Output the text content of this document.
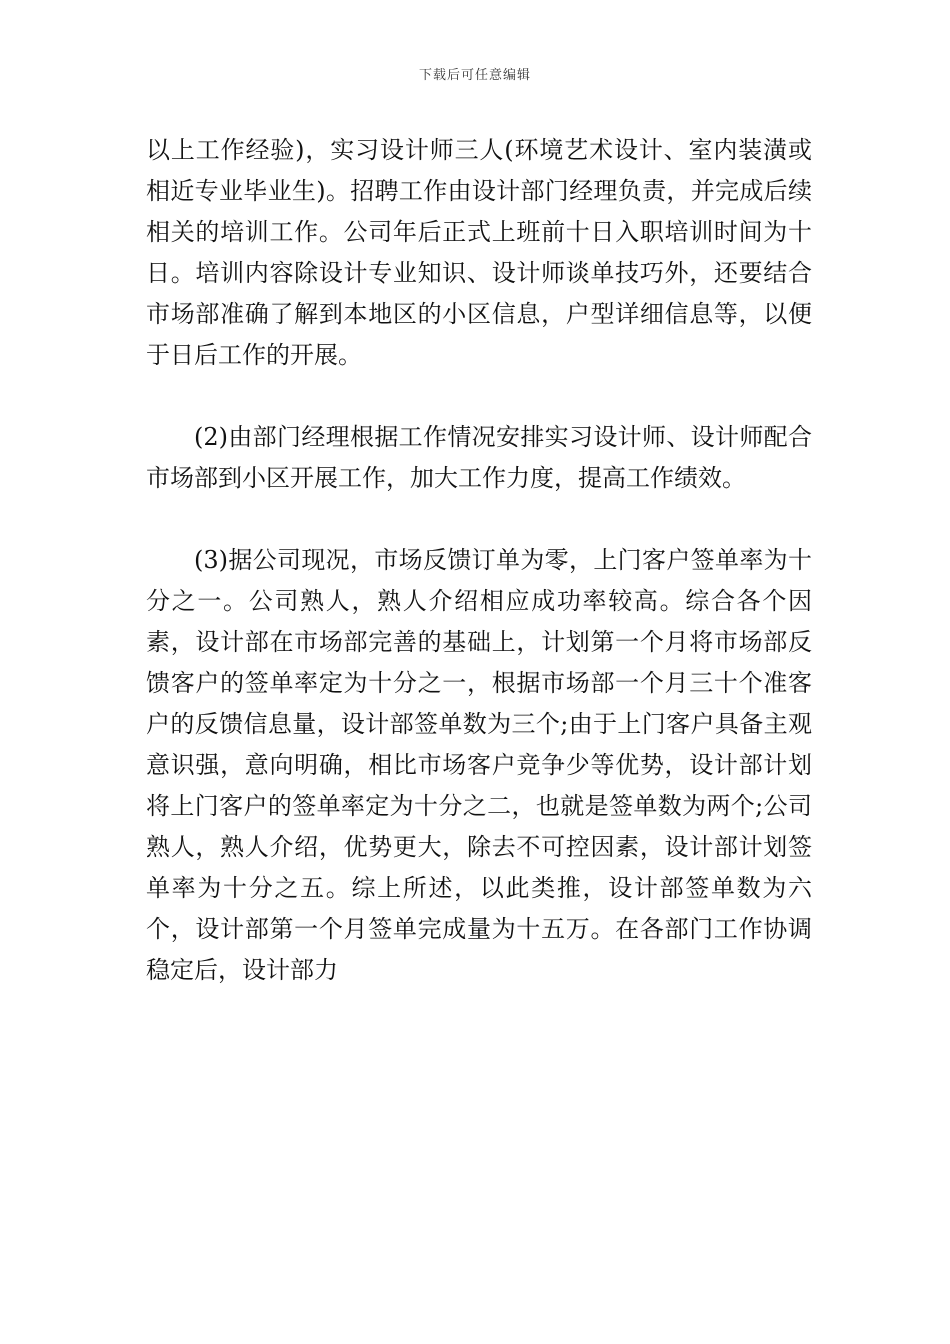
下载后可任意编辑

以上工作经验)，实习设计师三人(环境艺术设计、室内装潢或相近专业毕业生)。招聘工作由设计部门经理负责，并完成后续相关的培训工作。公司年后正式上班前十日入职培训时间为十日。培训内容除设计专业知识、设计师谈单技巧外，还要结合市场部准确了解到本地区的小区信息，户型详细信息等，以便于日后工作的开展。

(2)由部门经理根据工作情况安排实习设计师、设计师配合市场部到小区开展工作，加大工作力度，提高工作绩效。

(3)据公司现况，市场反馈订单为零，上门客户签单率为十分之一。公司熟人，熟人介绍相应成功率较高。综合各个因素，设计部在市场部完善的基础上，计划第一个月将市场部反馈客户的签单率定为十分之一，根据市场部一个月三十个准客户的反馈信息量，设计部签单数为三个;由于上门客户具备主观意识强，意向明确，相比市场客户竞争少等优势，设计部计划将上门客户的签单率定为十分之二，也就是签单数为两个;公司熟人，熟人介绍，优势更大，除去不可控因素，设计部计划签单率为十分之五。综上所述，以此类推，设计部签单数为六个，设计部第一个月签单完成量为十五万。在各部门工作协调稳定后，设计部力
